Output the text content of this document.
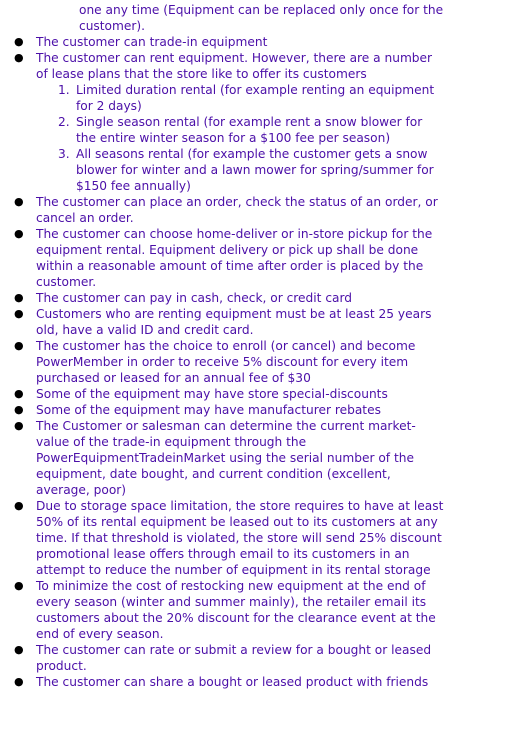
one any time (Equipment can be replaced only once for the customer).
● The customer can trade-in equipment
● The customer can rent equipment. However, there are a number of lease plans that the store like to offer its customers
1. Limited duration rental (for example renting an equipment for 2 days)
2. Single season rental (for example rent a snow blower for the entire winter season for a $100 fee per season)
3. All seasons rental (for example the customer gets a snow blower for winter and a lawn mower for spring/summer for $150 fee annually)
● The customer can place an order, check the status of an order, or cancel an order.
● The customer can choose home-deliver or in-store pickup for the equipment rental. Equipment delivery or pick up shall be done within a reasonable amount of time after order is placed by the customer.
● The customer can pay in cash, check, or credit card
● Customers who are renting equipment must be at least 25 years old, have a valid ID and credit card.
● The customer has the choice to enroll (or cancel) and become PowerMember in order to receive 5% discount for every item purchased or leased for an annual fee of $30
● Some of the equipment may have store special-discounts
● Some of the equipment may have manufacturer rebates
● The Customer or salesman can determine the current market-value of the trade-in equipment through the PowerEquipmentTradeinMarket using the serial number of the equipment, date bought, and current condition (excellent, average, poor)
● Due to storage space limitation, the store requires to have at least 50% of its rental equipment be leased out to its customers at any time. If that threshold is violated, the store will send 25% discount promotional lease offers through email to its customers in an attempt to reduce the number of equipment in its rental storage
● To minimize the cost of restocking new equipment at the end of every season (winter and summer mainly), the retailer email its customers about the 20% discount for the clearance event at the end of every season.
● The customer can rate or submit a review for a bought or leased product.
● The customer can share a bought or leased product with friends
